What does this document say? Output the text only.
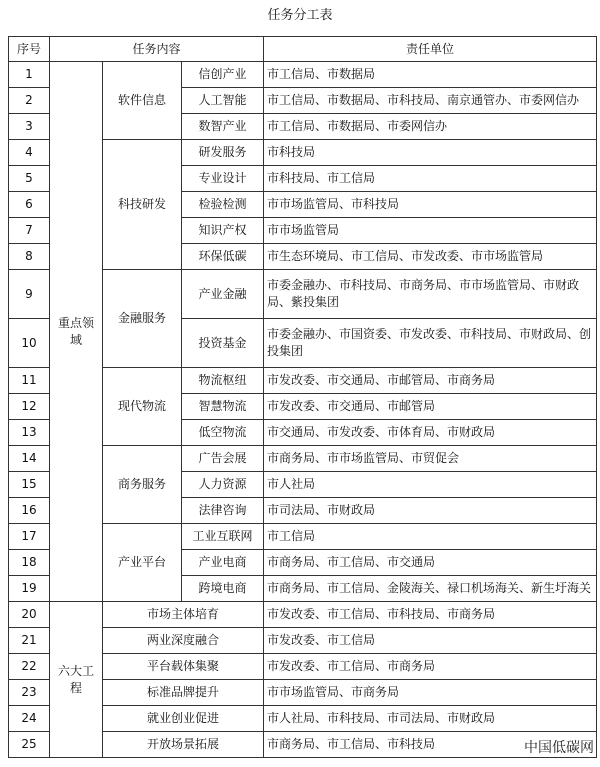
任务分工表
序号	任务内容			责任单位
1	重点领域	软件信息	信创产业	市工信局、市数据局
2			人工智能	市工信局、市数据局、市科技局、南京通管办、市委网信办
3			数智产业	市工信局、市数据局、市委网信办
4		科技研发	研发服务	市科技局
5			专业设计	市科技局、市工信局
6			检验检测	市市场监管局、市科技局
7			知识产权	市市场监管局
8			环保低碳	市生态环境局、市工信局、市发改委、市市场监管局
9		金融服务	产业金融	市委金融办、市科技局、市商务局、市市场监管局、市财政局、紫投集团
10			投资基金	市委金融办、市国资委、市发改委、市科技局、市财政局、创投集团
11		现代物流	物流枢纽	市发改委、市交通局、市邮管局、市商务局
12			智慧物流	市发改委、市交通局、市邮管局
13			低空物流	市交通局、市发改委、市体育局、市财政局
14		商务服务	广告会展	市商务局、市市场监管局、市贸促会
15			人力资源	市人社局
16			法律咨询	市司法局、市财政局
17		产业平台	工业互联网	市工信局
18			产业电商	市商务局、市工信局、市交通局
19			跨境电商	市商务局、市工信局、金陵海关、禄口机场海关、新生圩海关
20	六大工程	市场主体培育		市发改委、市工信局、市科技局、市商务局
21		两业深度融合		市发改委、市工信局
22		平台载体集聚		市发改委、市工信局、市商务局
23		标准品牌提升		市市场监管局、市商务局
24		就业创业促进		市人社局、市科技局、市司法局、市财政局
25		开放场景拓展		市商务局、市工信局、市科技局	中国低碳网
